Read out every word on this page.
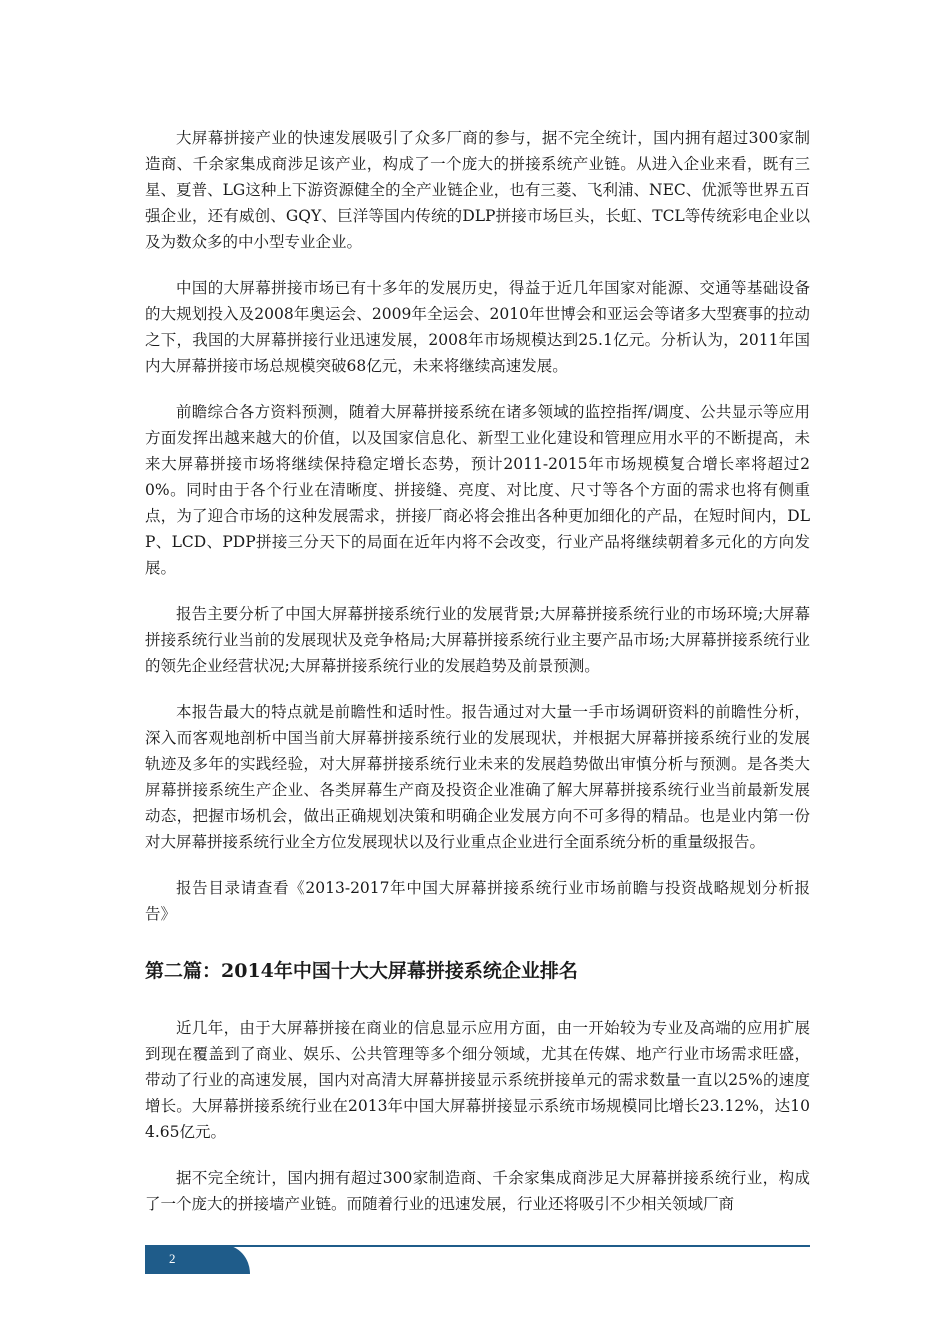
大屏幕拼接产业的快速发展吸引了众多厂商的参与，据不完全统计，国内拥有超过300家制造商、千余家集成商涉足该产业，构成了一个庞大的拼接系统产业链。从进入企业来看，既有三星、夏普、LG这种上下游资源健全的全产业链企业，也有三菱、飞利浦、NEC、优派等世界五百强企业，还有威创、GQY、巨洋等国内传统的DLP拼接市场巨头，长虹、TCL等传统彩电企业以及为数众多的中小型专业企业。

中国的大屏幕拼接市场已有十多年的发展历史，得益于近几年国家对能源、交通等基础设备的大规划投入及2008年奥运会、2009年全运会、2010年世博会和亚运会等诸多大型赛事的拉动之下，我国的大屏幕拼接行业迅速发展，2008年市场规模达到25.1亿元。分析认为，2011年国内大屏幕拼接市场总规模突破68亿元，未来将继续高速发展。

前瞻综合各方资料预测，随着大屏幕拼接系统在诸多领域的监控指挥/调度、公共显示等应用方面发挥出越来越大的价值，以及国家信息化、新型工业化建设和管理应用水平的不断提高，未来大屏幕拼接市场将继续保持稳定增长态势，预计2011-2015年市场规模复合增长率将超过20%。同时由于各个行业在清晰度、拼接缝、亮度、对比度、尺寸等各个方面的需求也将有侧重点，为了迎合市场的这种发展需求，拼接厂商必将会推出各种更加细化的产品，在短时间内，DLP、LCD、PDP拼接三分天下的局面在近年内将不会改变，行业产品将继续朝着多元化的方向发展。

报告主要分析了中国大屏幕拼接系统行业的发展背景;大屏幕拼接系统行业的市场环境;大屏幕拼接系统行业当前的发展现状及竞争格局;大屏幕拼接系统行业主要产品市场;大屏幕拼接系统行业的领先企业经营状况;大屏幕拼接系统行业的发展趋势及前景预测。

本报告最大的特点就是前瞻性和适时性。报告通过对大量一手市场调研资料的前瞻性分析，深入而客观地剖析中国当前大屏幕拼接系统行业的发展现状，并根据大屏幕拼接系统行业的发展轨迹及多年的实践经验，对大屏幕拼接系统行业未来的发展趋势做出审慎分析与预测。是各类大屏幕拼接系统生产企业、各类屏幕生产商及投资企业准确了解大屏幕拼接系统行业当前最新发展动态，把握市场机会，做出正确规划决策和明确企业发展方向不可多得的精品。也是业内第一份对大屏幕拼接系统行业全方位发展现状以及行业重点企业进行全面系统分析的重量级报告。

报告目录请查看《2013-2017年中国大屏幕拼接系统行业市场前瞻与投资战略规划分析报告》

第二篇：2014年中国十大大屏幕拼接系统企业排名

近几年，由于大屏幕拼接在商业的信息显示应用方面，由一开始较为专业及高端的应用扩展到现在覆盖到了商业、娱乐、公共管理等多个细分领域，尤其在传媒、地产行业市场需求旺盛，带动了行业的高速发展，国内对高清大屏幕拼接显示系统拼接单元的需求数量一直以25%的速度增长。大屏幕拼接系统行业在2013年中国大屏幕拼接显示系统市场规模同比增长23.12%，达104.65亿元。

据不完全统计，国内拥有超过300家制造商、千余家集成商涉足大屏幕拼接系统行业，构成了一个庞大的拼接墙产业链。而随着行业的迅速发展，行业还将吸引不少相关领域厂商

2
